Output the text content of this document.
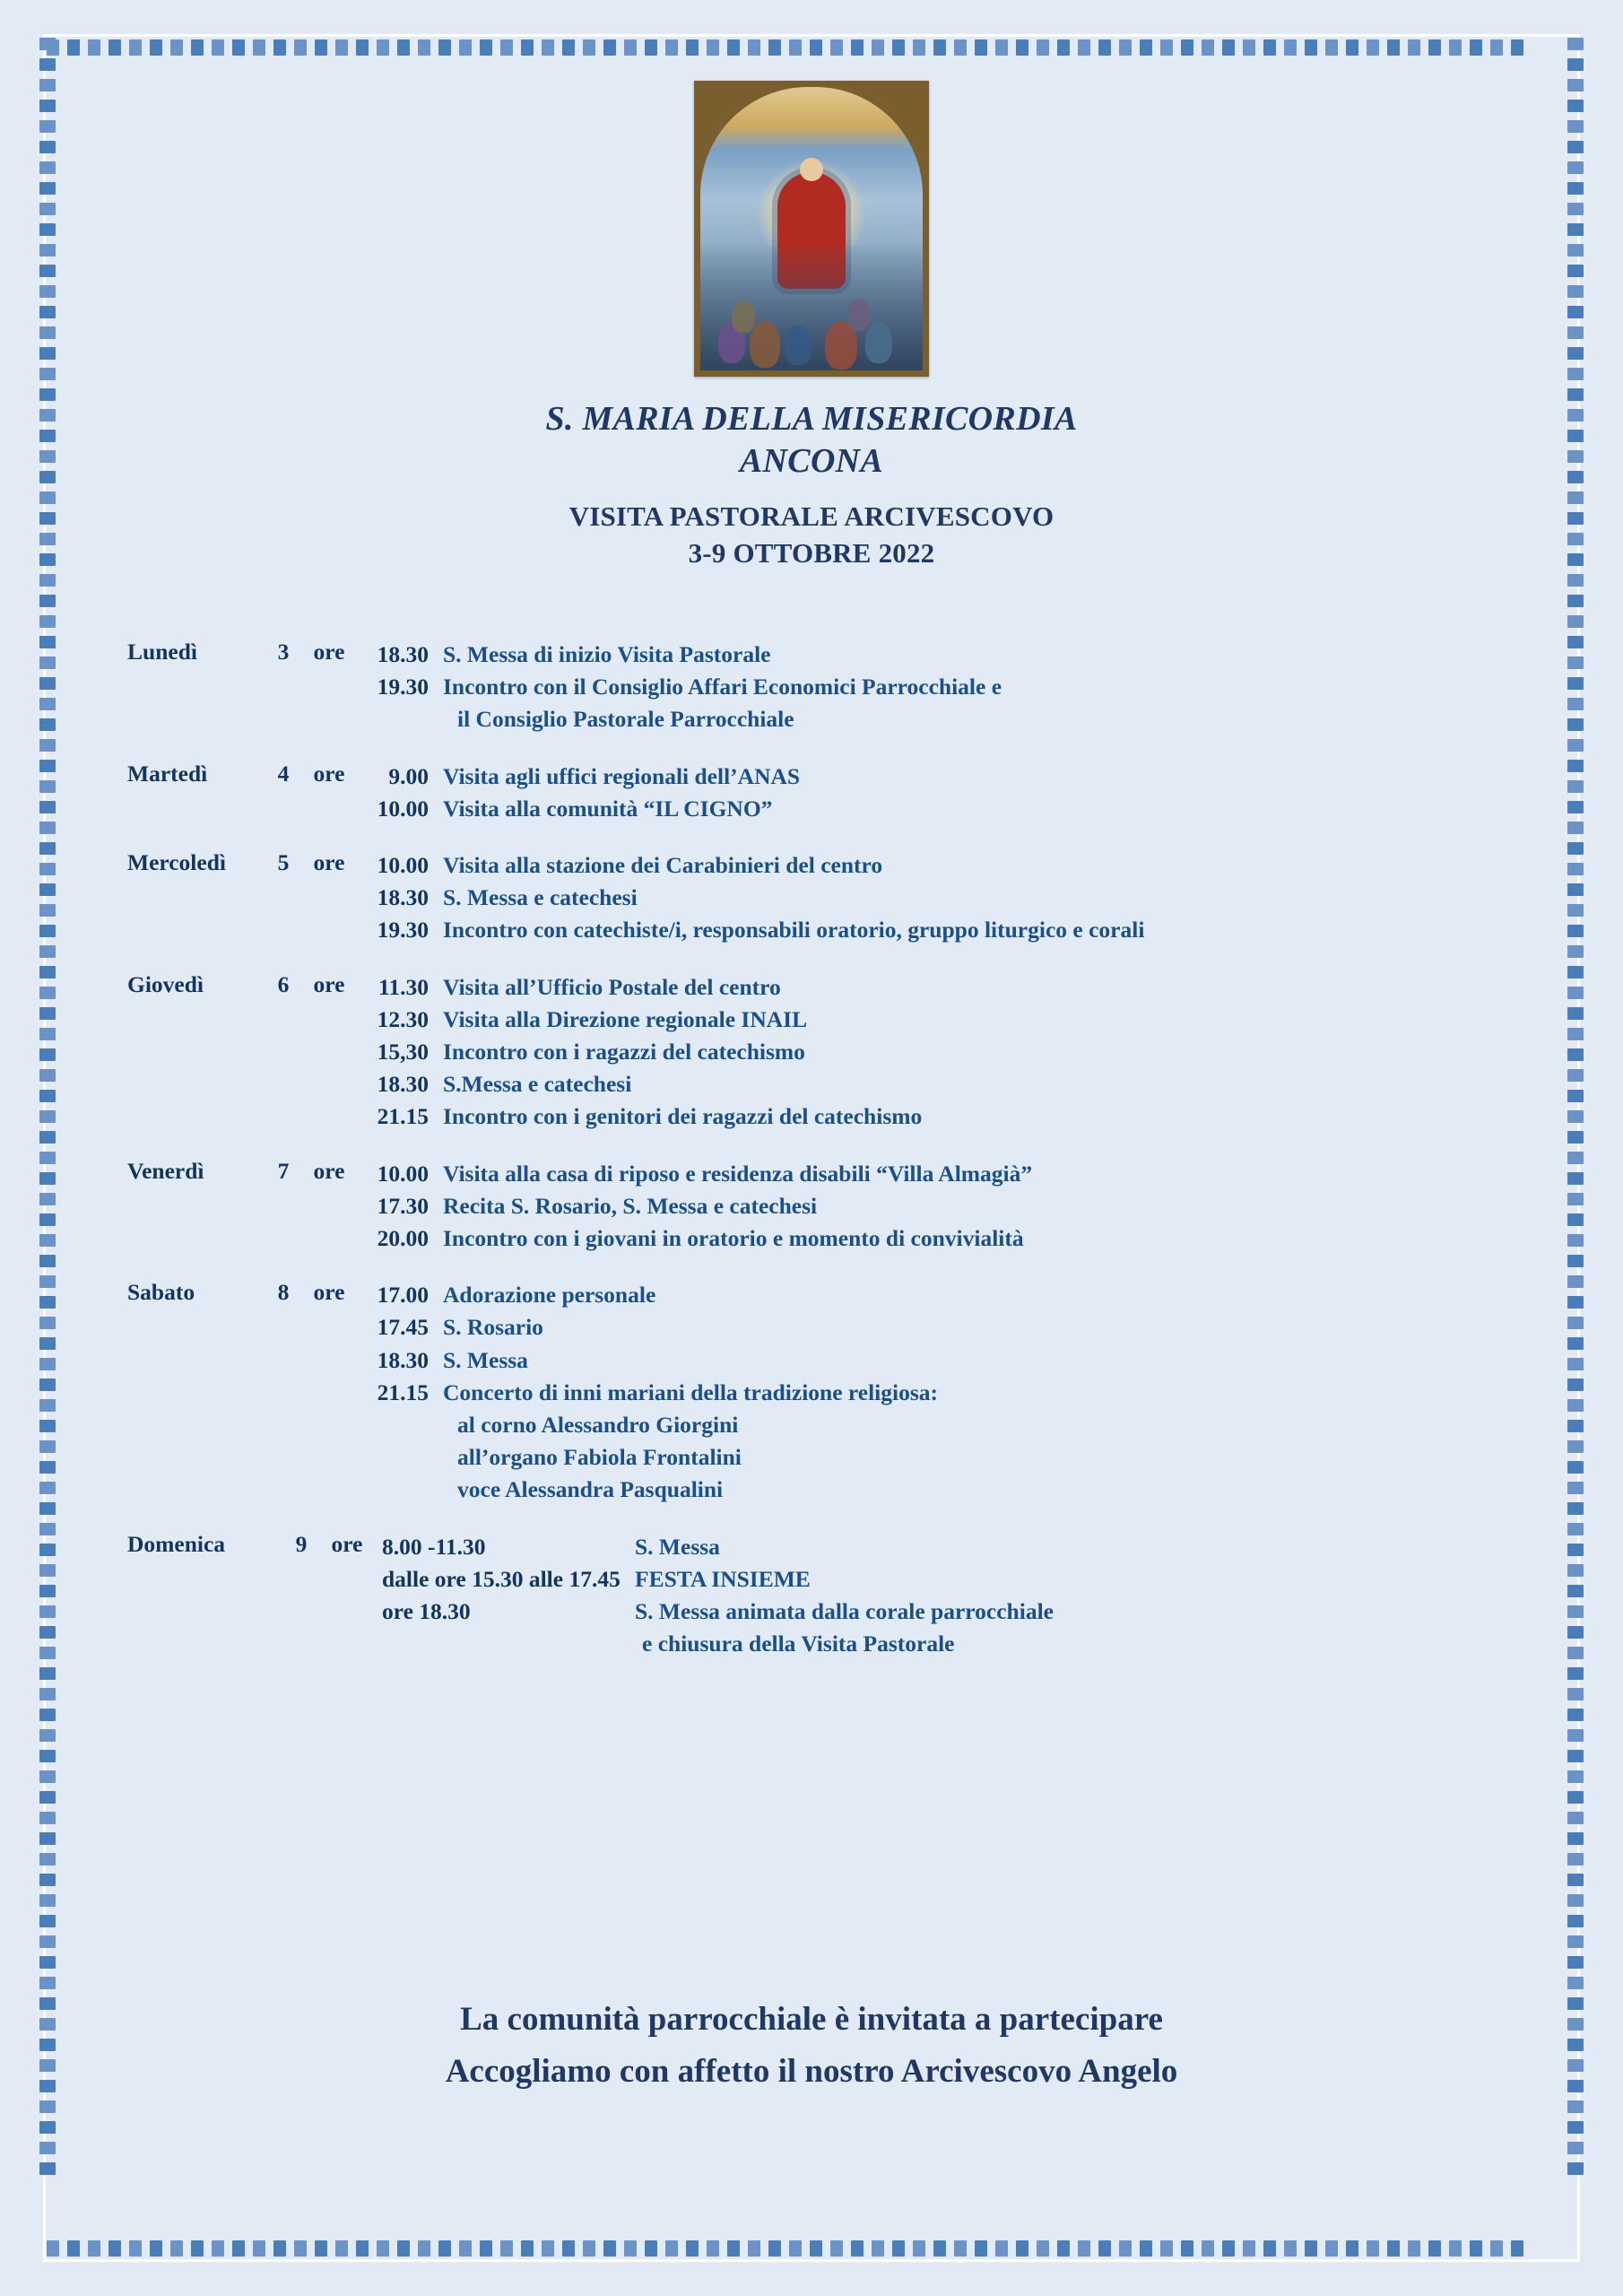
S. MARIA DELLA MISERICORDIA
ANCONA
VISITA PASTORALE ARCIVESCOVO
3-9 OTTOBRE 2022
Lunedì	3	ore	18.30 S. Messa di inizio Visita Pastorale
19.30 Incontro con il Consiglio Affari Economici Parrocchiale e
il Consiglio Pastorale Parrocchiale
Martedì	4	ore	9.00 Visita agli uffici regionali dell’ANAS
10.00 Visita alla comunità “IL CIGNO”
Mercoledì	5	ore	10.00 Visita alla stazione dei Carabinieri del centro
18.30 S. Messa e catechesi
19.30 Incontro con catechiste/i, responsabili oratorio, gruppo liturgico e corali
Giovedì	6	ore	11.30 Visita all’Ufficio Postale del centro
12.30 Visita alla Direzione regionale INAIL
15,30 Incontro con i ragazzi del catechismo
18.30 S.Messa e catechesi
21.15 Incontro con i genitori dei ragazzi del catechismo
Venerdì	7	ore	10.00 Visita alla casa di riposo e residenza disabili “Villa Almagià”
17.30 Recita S. Rosario, S. Messa e catechesi
20.00 Incontro con i giovani in oratorio e momento di convivialità
Sabato	8	ore	17.00 Adorazione personale
17.45 S. Rosario
18.30 S. Messa
21.15 Concerto di inni mariani della tradizione religiosa:
al corno Alessandro Giorgini
all’organo Fabiola Frontalini
voce Alessandra Pasqualini
Domenica	9	ore 8.00 -11.30	S. Messa
dalle ore 15.30 alle 17.45 FESTA INSIEME
ore 18.30	S. Messa animata dalla corale parrocchiale
e chiusura della Visita Pastorale
La comunità parrocchiale è invitata a partecipare
Accogliamo con affetto il nostro Arcivescovo Angelo
